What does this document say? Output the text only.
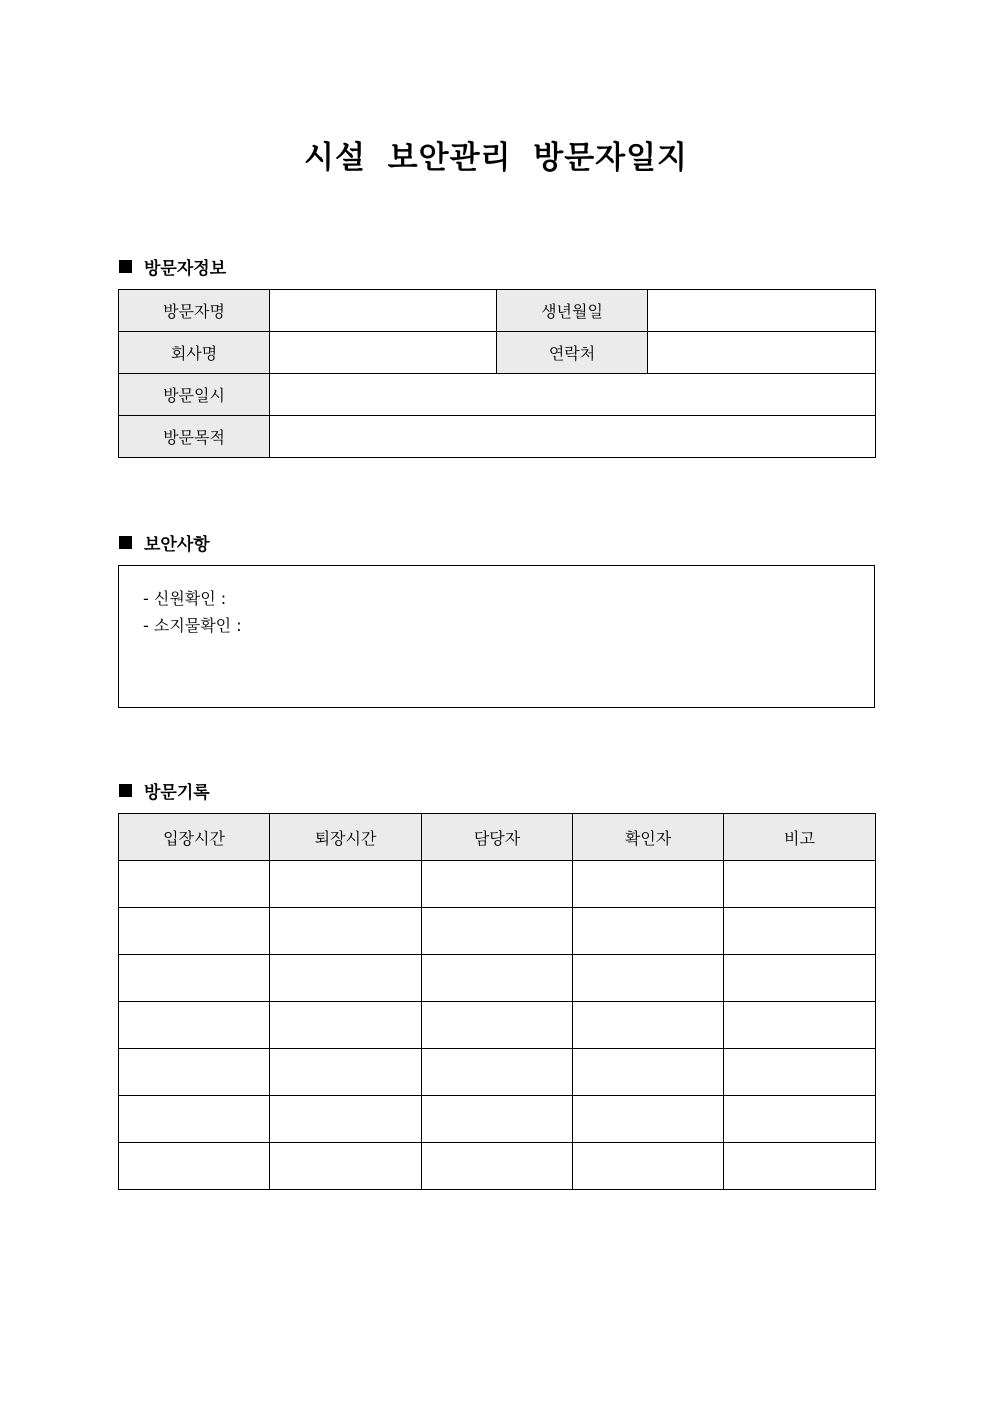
시설 보안관리 방문자일지
방문자정보
방문자명		생년월일	
회사명		연락처	
방문일시			
방문목적			
보안사항
- 신원확인 :
- 소지물확인 :
방문기록
입장시간	퇴장시간	담당자	확인자	비고
